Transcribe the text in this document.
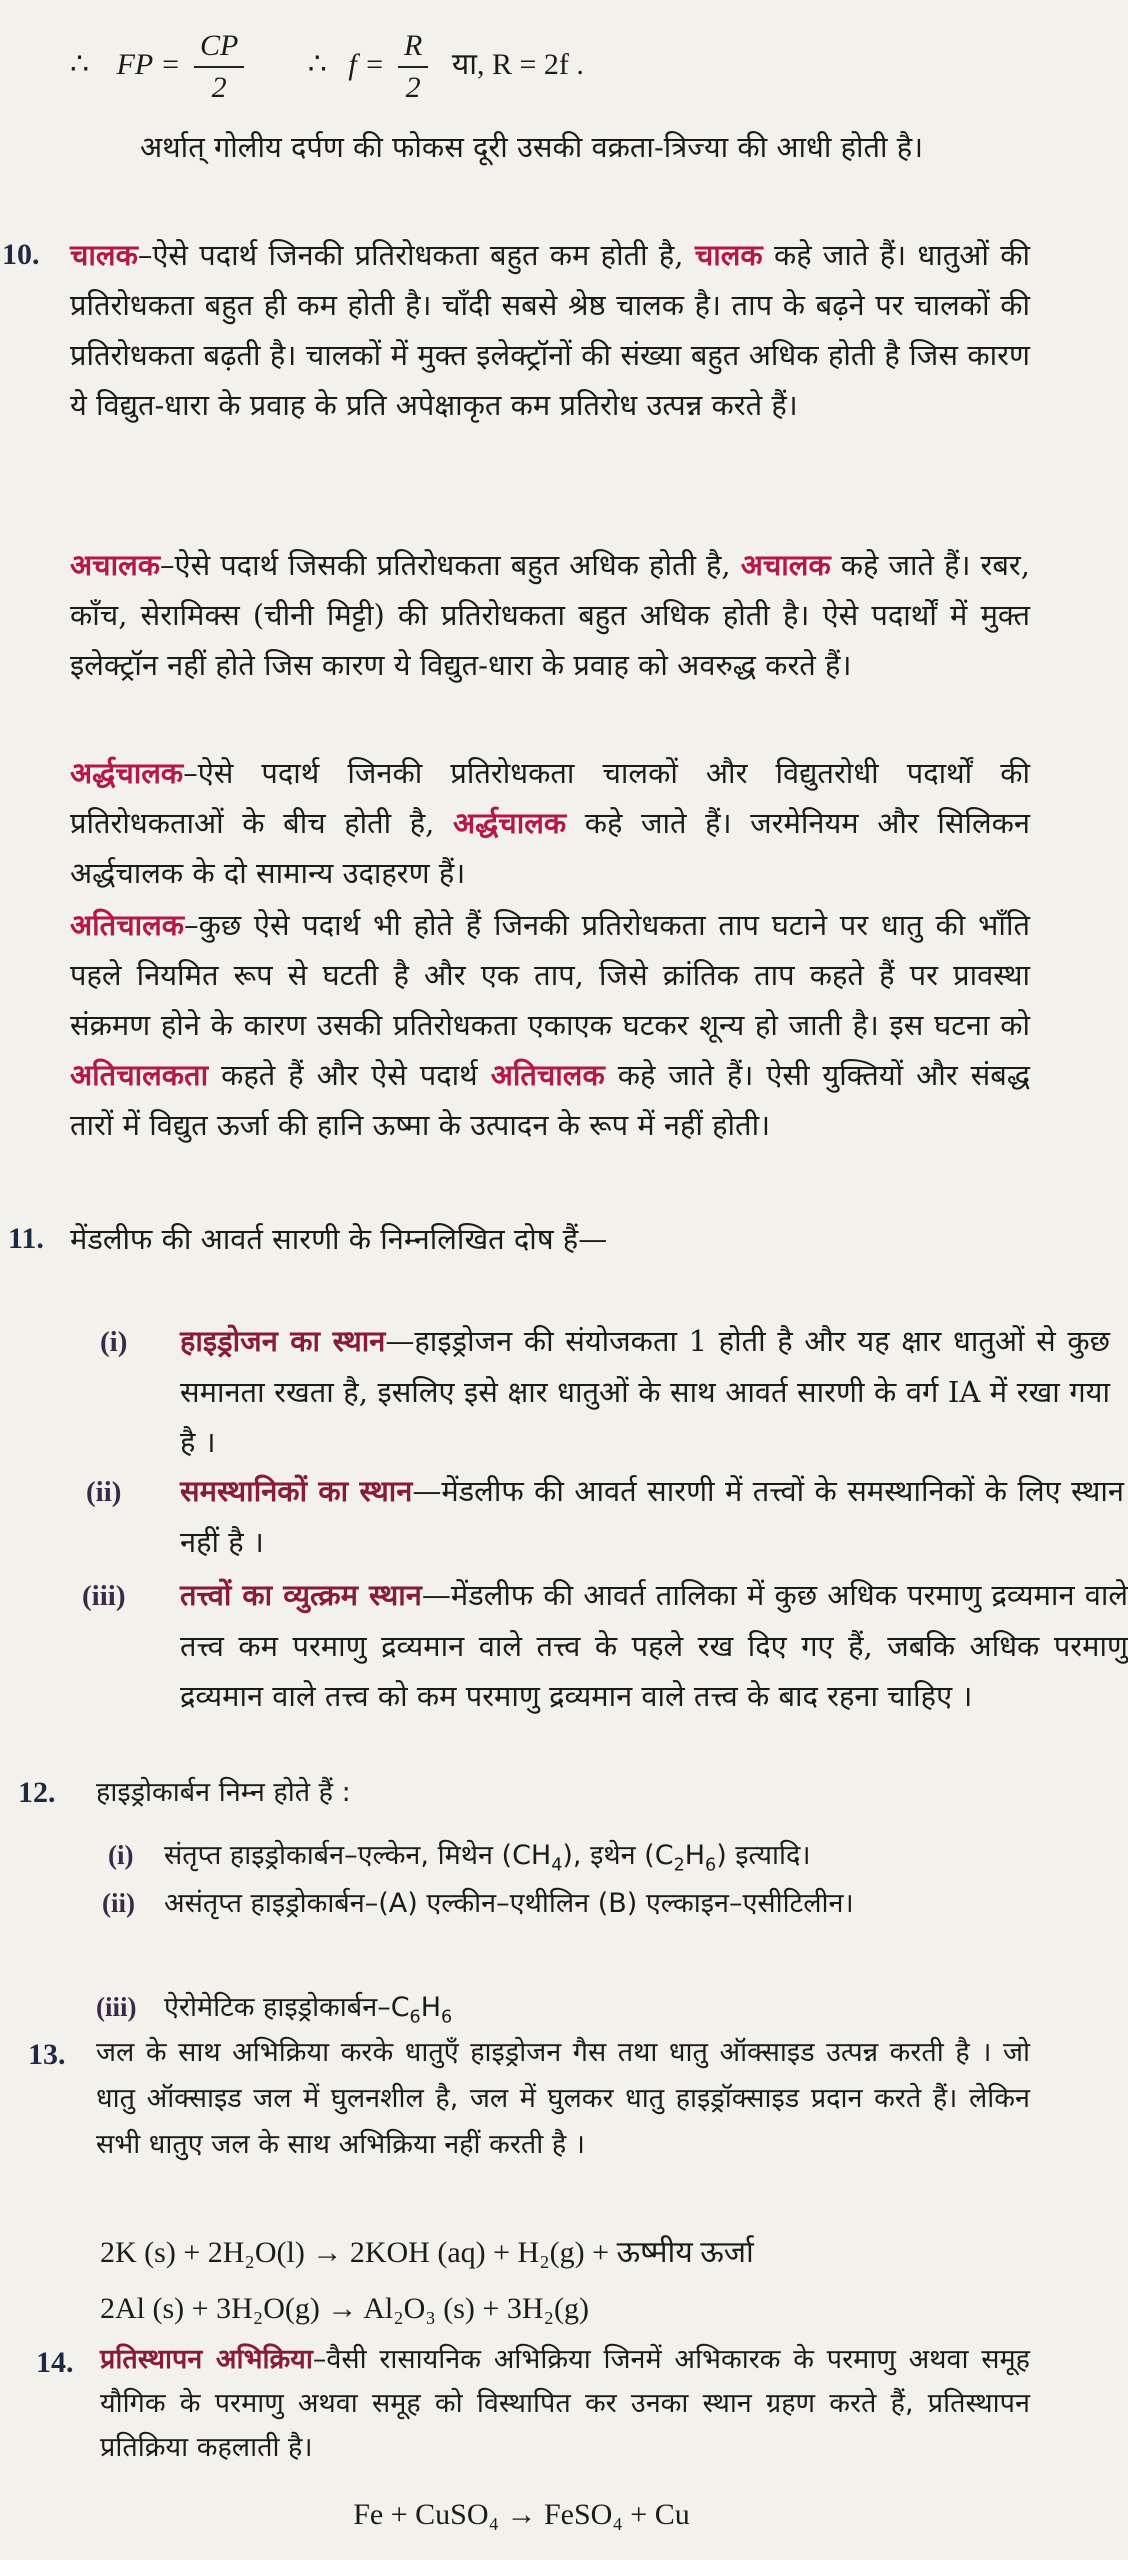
∴ FP = $\frac{CP}{2}$ ∴ $f = \frac{R}{2}$ या, R = 2f .
अर्थात् गोलीय दर्पण की फोकस दूरी उसकी वक्रता-त्रिज्या की आधी होती है।
10. चालक–ऐसे पदार्थ जिनकी प्रतिरोधकता बहुत कम होती है, चालक कहे जाते हैं। धातुओं की प्रतिरोधकता बहुत ही कम होती है। चाँदी सबसे श्रेष्ठ चालक है। ताप के बढ़ने पर चालकों की प्रतिरोधकता बढ़ती है। चालकों में मुक्त इलेक्ट्रॉनों की संख्या बहुत अधिक होती है जिस कारण ये विद्युत-धारा के प्रवाह के प्रति अपेक्षाकृत कम प्रतिरोध उत्पन्न करते हैं।
अचालक–ऐसे पदार्थ जिसकी प्रतिरोधकता बहुत अधिक होती है, अचालक कहे जाते हैं। रबर, काँच, सेरामिक्स (चीनी मिट्टी) की प्रतिरोधकता बहुत अधिक होती है। ऐसे पदार्थों में मुक्त इलेक्ट्रॉन नहीं होते जिस कारण ये विद्युत-धारा के प्रवाह को अवरुद्ध करते हैं।
अर्द्धचालक–ऐसे पदार्थ जिनकी प्रतिरोधकता चालकों और विद्युतरोधी पदार्थों की प्रतिरोधकताओं के बीच होती है, अर्द्धचालक कहे जाते हैं। जरमेनियम और सिलिकन अर्द्धचालक के दो सामान्य उदाहरण हैं।
अतिचालक–कुछ ऐसे पदार्थ भी होते हैं जिनकी प्रतिरोधकता ताप घटाने पर धातु की भाँति पहले नियमित रूप से घटती है और एक ताप, जिसे क्रांतिक ताप कहते हैं पर प्रावस्था संक्रमण होने के कारण उसकी प्रतिरोधकता एकाएक घटकर शून्य हो जाती है। इस घटना को अतिचालकता कहते हैं और ऐसे पदार्थ अतिचालक कहे जाते हैं। ऐसी युक्तियों और संबद्ध तारों में विद्युत ऊर्जा की हानि ऊष्मा के उत्पादन के रूप में नहीं होती।
11. मेंडलीफ की आवर्त सारणी के निम्नलिखित दोष हैं—
(i) हाइड्रोजन का स्थान—हाइड्रोजन की संयोजकता 1 होती है और यह क्षार धातुओं से कुछ समानता रखता है, इसलिए इसे क्षार धातुओं के साथ आवर्त सारणी के वर्ग IA में रखा गया है ।
(ii) समस्थानिकों का स्थान—मेंडलीफ की आवर्त सारणी में तत्त्वों के समस्थानिकों के लिए स्थान नहीं है ।
(iii) तत्त्वों का व्युत्क्रम स्थान—मेंडलीफ की आवर्त तालिका में कुछ अधिक परमाणु द्रव्यमान वाले तत्त्व कम परमाणु द्रव्यमान वाले तत्त्व के पहले रख दिए गए हैं, जबकि अधिक परमाणु द्रव्यमान वाले तत्त्व को कम परमाणु द्रव्यमान वाले तत्त्व के बाद रहना चाहिए ।
12. हाइड्रोकार्बन निम्न होते हैं :
(i) संतृप्त हाइड्रोकार्बन–एल्केन, मिथेन $(CH_4)$, इथेन $(C_2H_6)$ इत्यादि।
(ii) असंतृप्त हाइड्रोकार्बन–(A) एल्कीन–एथीलिन (B) एल्काइन–एसीटिलीन।
(iii) ऐरोमेटिक $हाइड्रोकार्बन-C_6H_6$
13. जल के साथ अभिक्रिया करके धातुएँ हाइड्रोजन गैस तथा धातु ऑक्साइड उत्पन्न करती है । जो धातु ऑक्साइड जल में घुलनशील है, जल में घुलकर धातु हाइड्रॉक्साइड प्रदान करते हैं। लेकिन सभी धातुए जल के साथ अभिक्रिया नहीं करती है ।
2K (s) + 2H₂O(l) → 2KOH (aq) + H₂(g) + ऊष्मीय ऊर्जा
2Al (s) + 3H₂O(g) → Al₂O₃ (s) + 3H₂(g)
14. प्रतिस्थापन अभिक्रिया–वैसी रासायनिक अभिक्रिया जिनमें अभिकारक के परमाणु अथवा समूह यौगिक के परमाणु अथवा समूह को विस्थापित कर उनका स्थान ग्रहण करते हैं, प्रतिस्थापन प्रतिक्रिया कहलाती है।
Fe + CuSO₄ → FeSO₄ + Cu
